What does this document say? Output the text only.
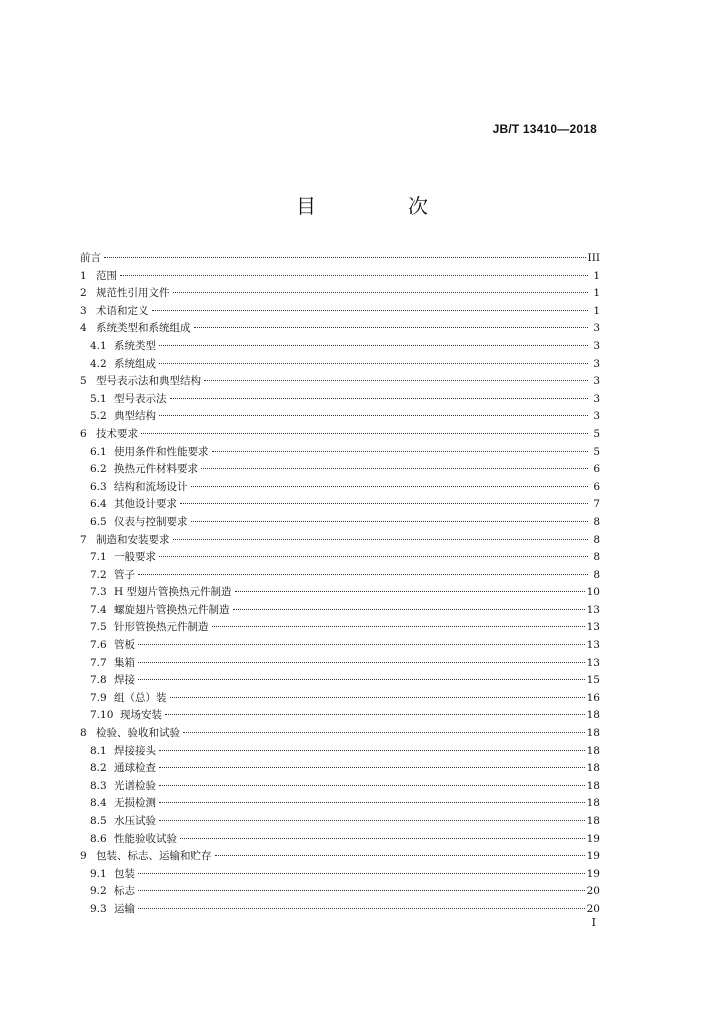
JB/T 13410—2018
目　次
前言	III
1 范围	1
2 规范性引用文件	1
3 术语和定义	1
4 系统类型和系统组成	3
4.1 系统类型	3
4.2 系统组成	3
5 型号表示法和典型结构	3
5.1 型号表示法	3
5.2 典型结构	3
6 技术要求	5
6.1 使用条件和性能要求	5
6.2 换热元件材料要求	6
6.3 结构和流场设计	6
6.4 其他设计要求	7
6.5 仪表与控制要求	8
7 制造和安装要求	8
7.1 一般要求	8
7.2 管子	8
7.3 H 型翅片管换热元件制造	10
7.4 螺旋翅片管换热元件制造	13
7.5 针形管换热元件制造	13
7.6 管板	13
7.7 集箱	13
7.8 焊接	15
7.9 组（总）装	16
7.10 现场安装	18
8 检验、验收和试验	18
8.1 焊接接头	18
8.2 通球检查	18
8.3 光谱检验	18
8.4 无损检测	18
8.5 水压试验	18
8.6 性能验收试验	19
9 包装、标志、运输和贮存	19
9.1 包装	19
9.2 标志	20
9.3 运输	20
I
